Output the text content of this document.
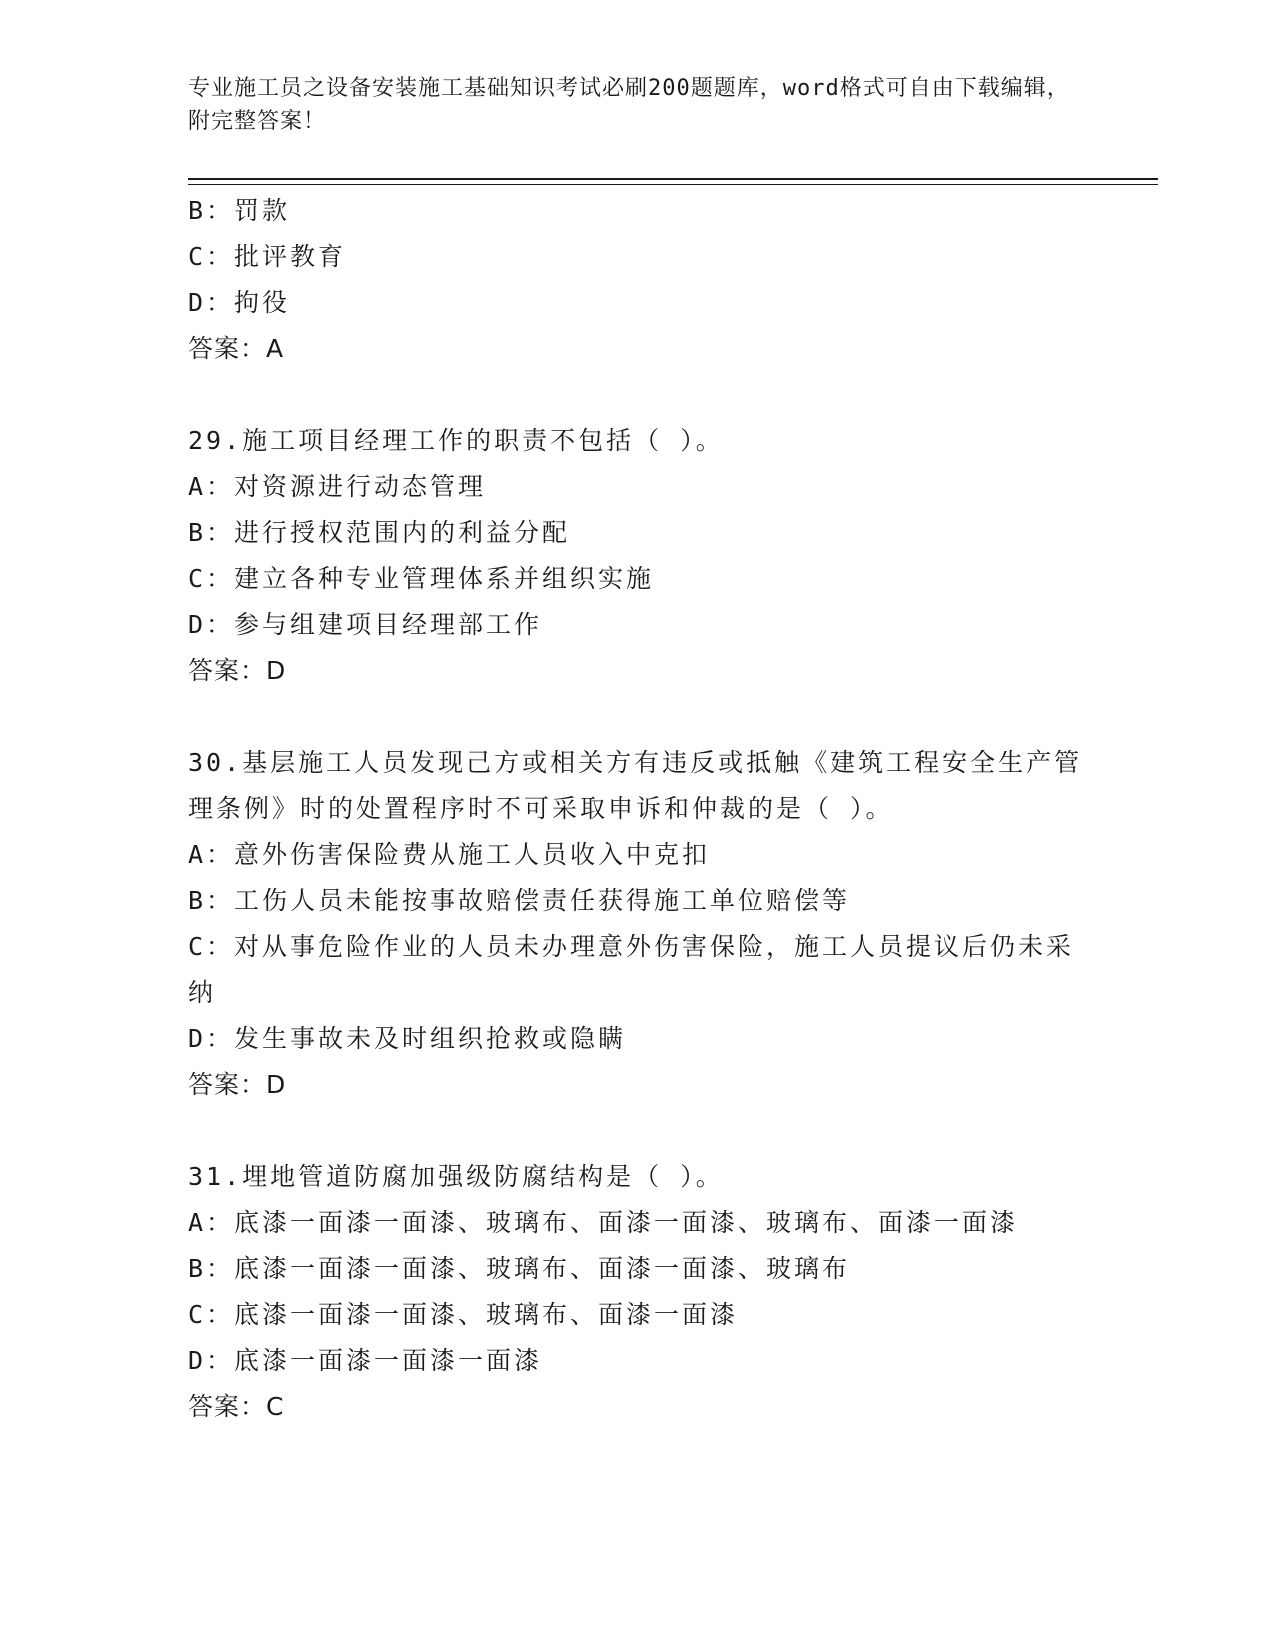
专业施工员之设备安装施工基础知识考试必刷200题题库，word格式可自由下载编辑，附完整答案！
B：罚款
C：批评教育
D：拘役
答案：A
29.施工项目经理工作的职责不包括（ ）。
A：对资源进行动态管理
B：进行授权范围内的利益分配
C：建立各种专业管理体系并组织实施
D：参与组建项目经理部工作
答案：D
30.基层施工人员发现己方或相关方有违反或抵触《建筑工程安全生产管理条例》时的处置程序时不可采取申诉和仲裁的是（ ）。
A：意外伤害保险费从施工人员收入中克扣
B：工伤人员未能按事故赔偿责任获得施工单位赔偿等
C：对从事危险作业的人员未办理意外伤害保险，施工人员提议后仍未采纳
D：发生事故未及时组织抢救或隐瞒
答案：D
31.埋地管道防腐加强级防腐结构是（ ）。
A：底漆一面漆一面漆、玻璃布、面漆一面漆、玻璃布、面漆一面漆
B：底漆一面漆一面漆、玻璃布、面漆一面漆、玻璃布
C：底漆一面漆一面漆、玻璃布、面漆一面漆
D：底漆一面漆一面漆一面漆
答案：C
